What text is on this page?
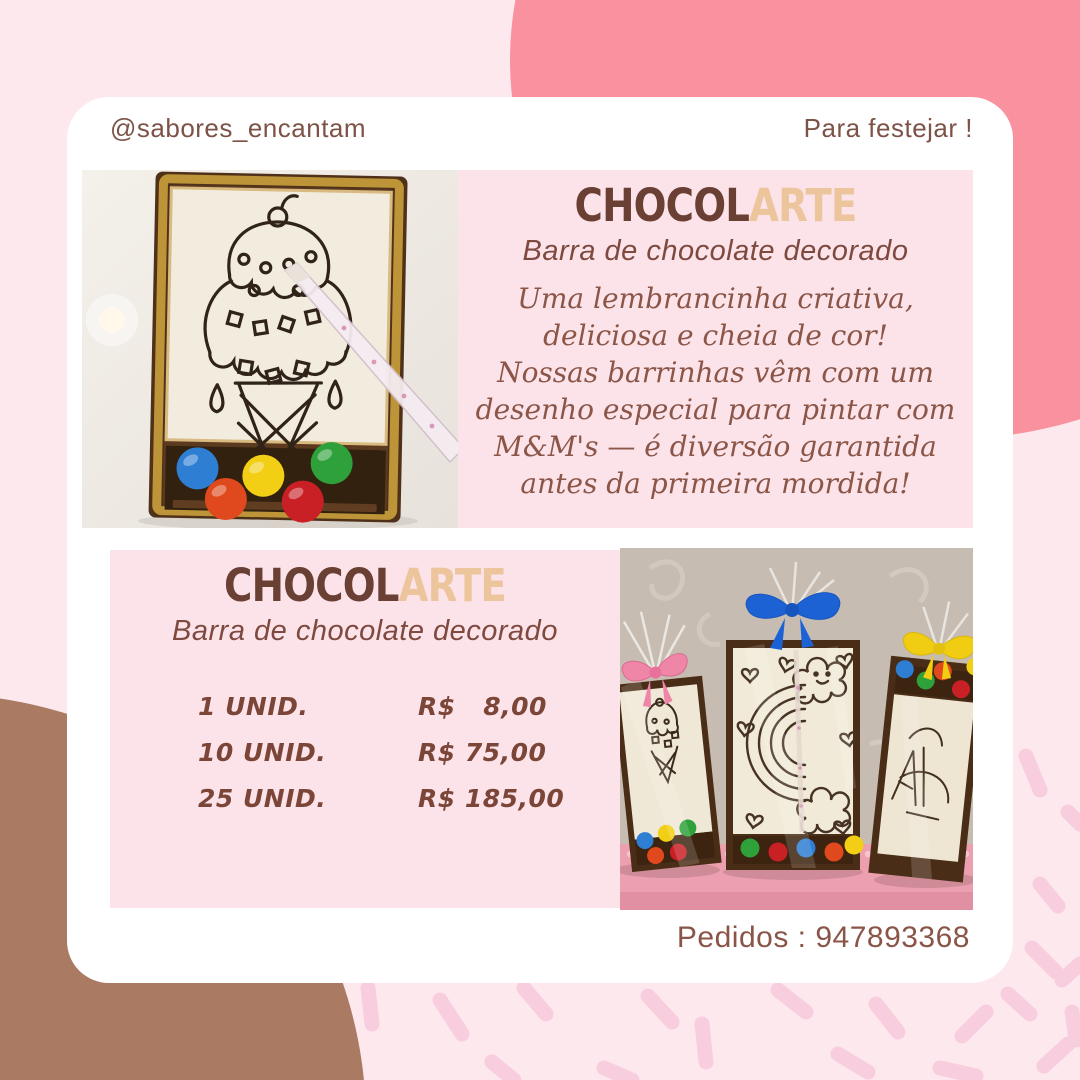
@sabores_encantam	Para festejar !
CHOCOLARTE
Barra de chocolate decorado
Uma lembrancinha criativa,
deliciosa e cheia de cor!
Nossas barrinhas vêm com um
desenho especial para pintar com
M&M's — é diversão garantida
antes da primeira mordida!
CHOCOLARTE
Barra de chocolate decorado
1 UNID.	R$   8,00
10 UNID.	R$ 75,00
25 UNID.	R$ 185,00
Pedidos : 947893368
